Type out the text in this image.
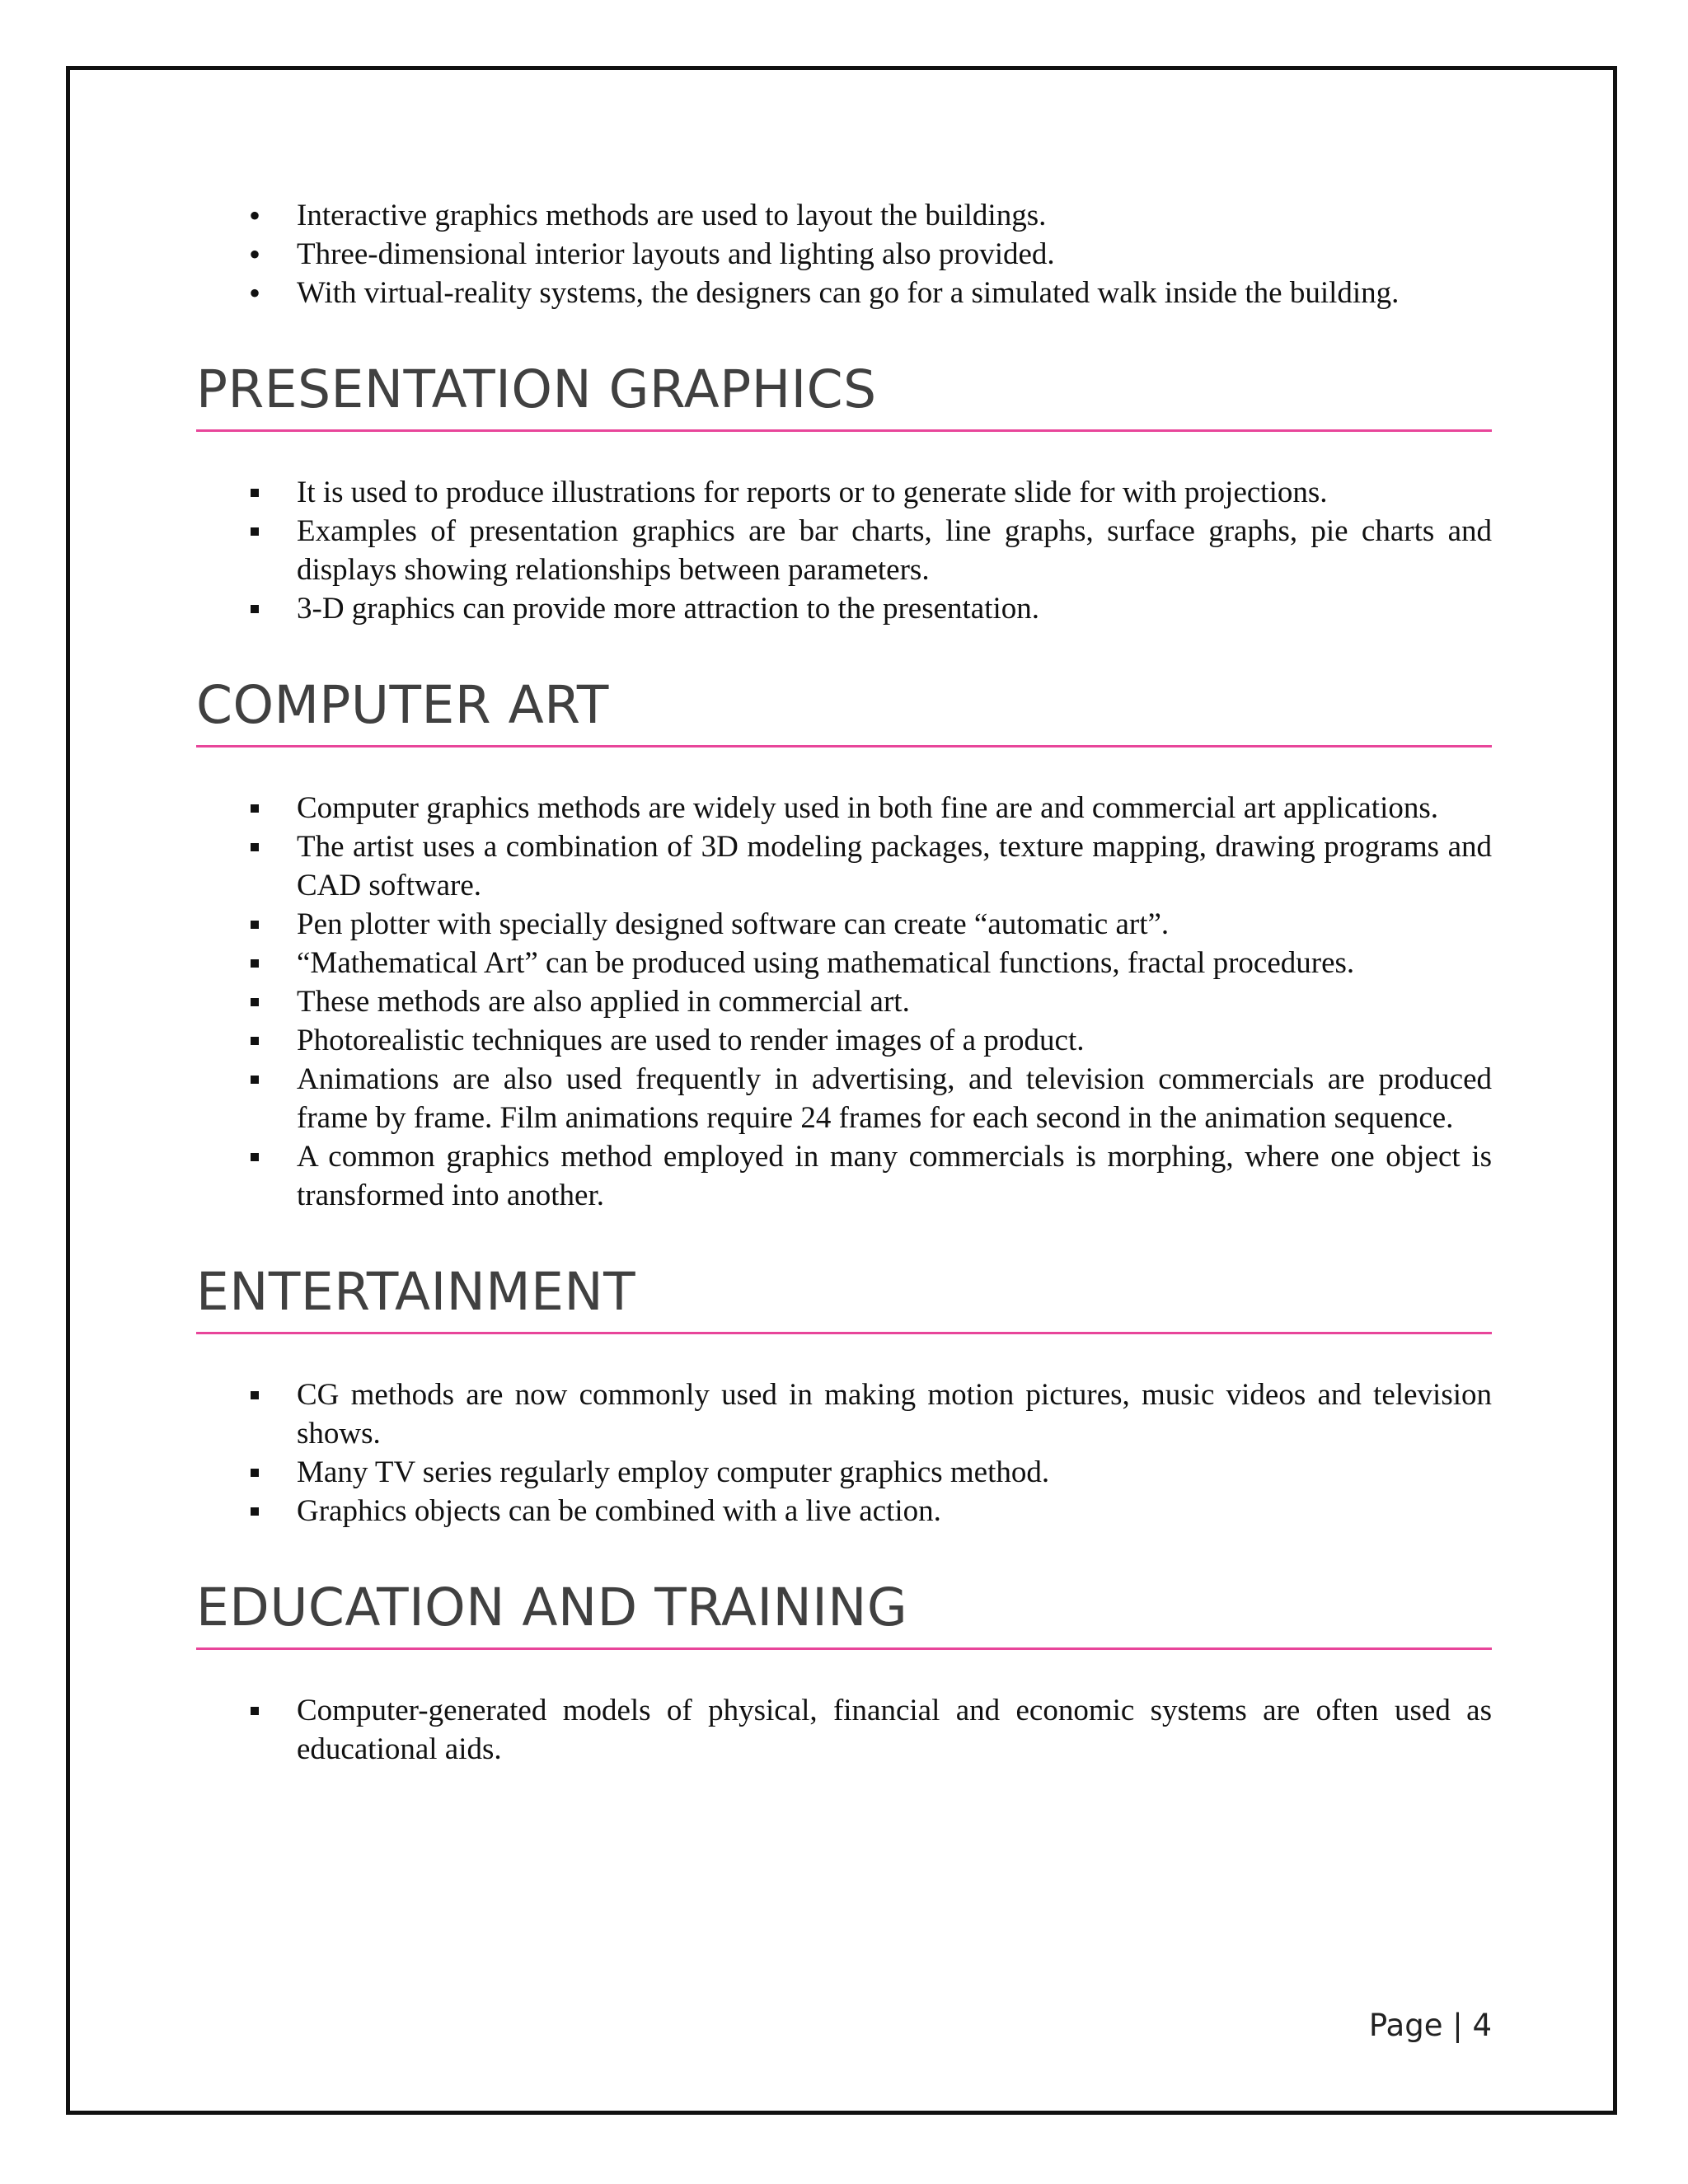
•
Interactive graphics methods are used to layout the buildings.
•
Three-dimensional interior layouts and lighting also provided.
•
With virtual-reality systems, the designers can go for a simulated walk inside the building.
PRESENTATION GRAPHICS
It is used to produce illustrations for reports or to generate slide for with projections.
Examples of presentation graphics are bar charts, line graphs, surface graphs, pie charts and displays showing relationships between parameters.
3-D graphics can provide more attraction to the presentation.
COMPUTER ART
Computer graphics methods are widely used in both fine are and commercial art applications.
The artist uses a combination of 3D modeling packages, texture mapping, drawing programs and CAD software.
Pen plotter with specially designed software can create “automatic art”.
“Mathematical Art” can be produced using mathematical functions, fractal procedures.
These methods are also applied in commercial art.
Photorealistic techniques are used to render images of a product.
Animations are also used frequently in advertising, and television commercials are produced frame by frame. Film animations require 24 frames for each second in the animation sequence.
A common graphics method employed in many commercials is morphing, where one object is transformed into another.
ENTERTAINMENT
CG methods are now commonly used in making motion pictures, music videos and television shows.
Many TV series regularly employ computer graphics method.
Graphics objects can be combined with a live action.
EDUCATION AND TRAINING
Computer-generated models of physical, financial and economic systems are often used as educational aids.
Page | 4
